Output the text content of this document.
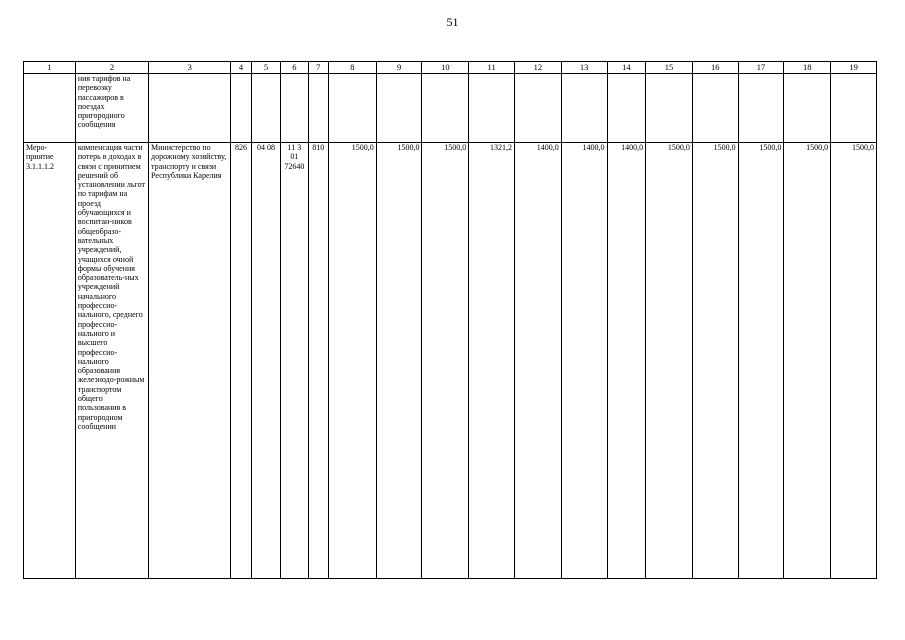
51
1	2	3	4	5	6	7	8	9	10	11	12	13	14	15	16	17	18	19
	ния тарифов на перевозку пассажиров в поездах пригородного сообщения																	
Меро-приятие 3.1.1.1.2	компенсация части потерь в доходах в связи с принятием решений об установлении льгот по тарифам на проезд обучающихся и воспитан-ников общеобразо-вательных учреждений, учащихся очной формы обучения образователь-ных учреждений начального профессио-нального, среднего профессио-нального и высшего профессио-нального образования железнодо-рожным транспортом общего пользования в пригородном сообщении	Министерство по дорожному хозяйству, транспорту и связи Республики Карелия	826	04 08	11 3 01 72640	810	1500,0	1500,0	1500,0	1321,2	1400,0	1400,0	1400,0	1500,0	1500,0	1500,0	1500,0	1500,0
